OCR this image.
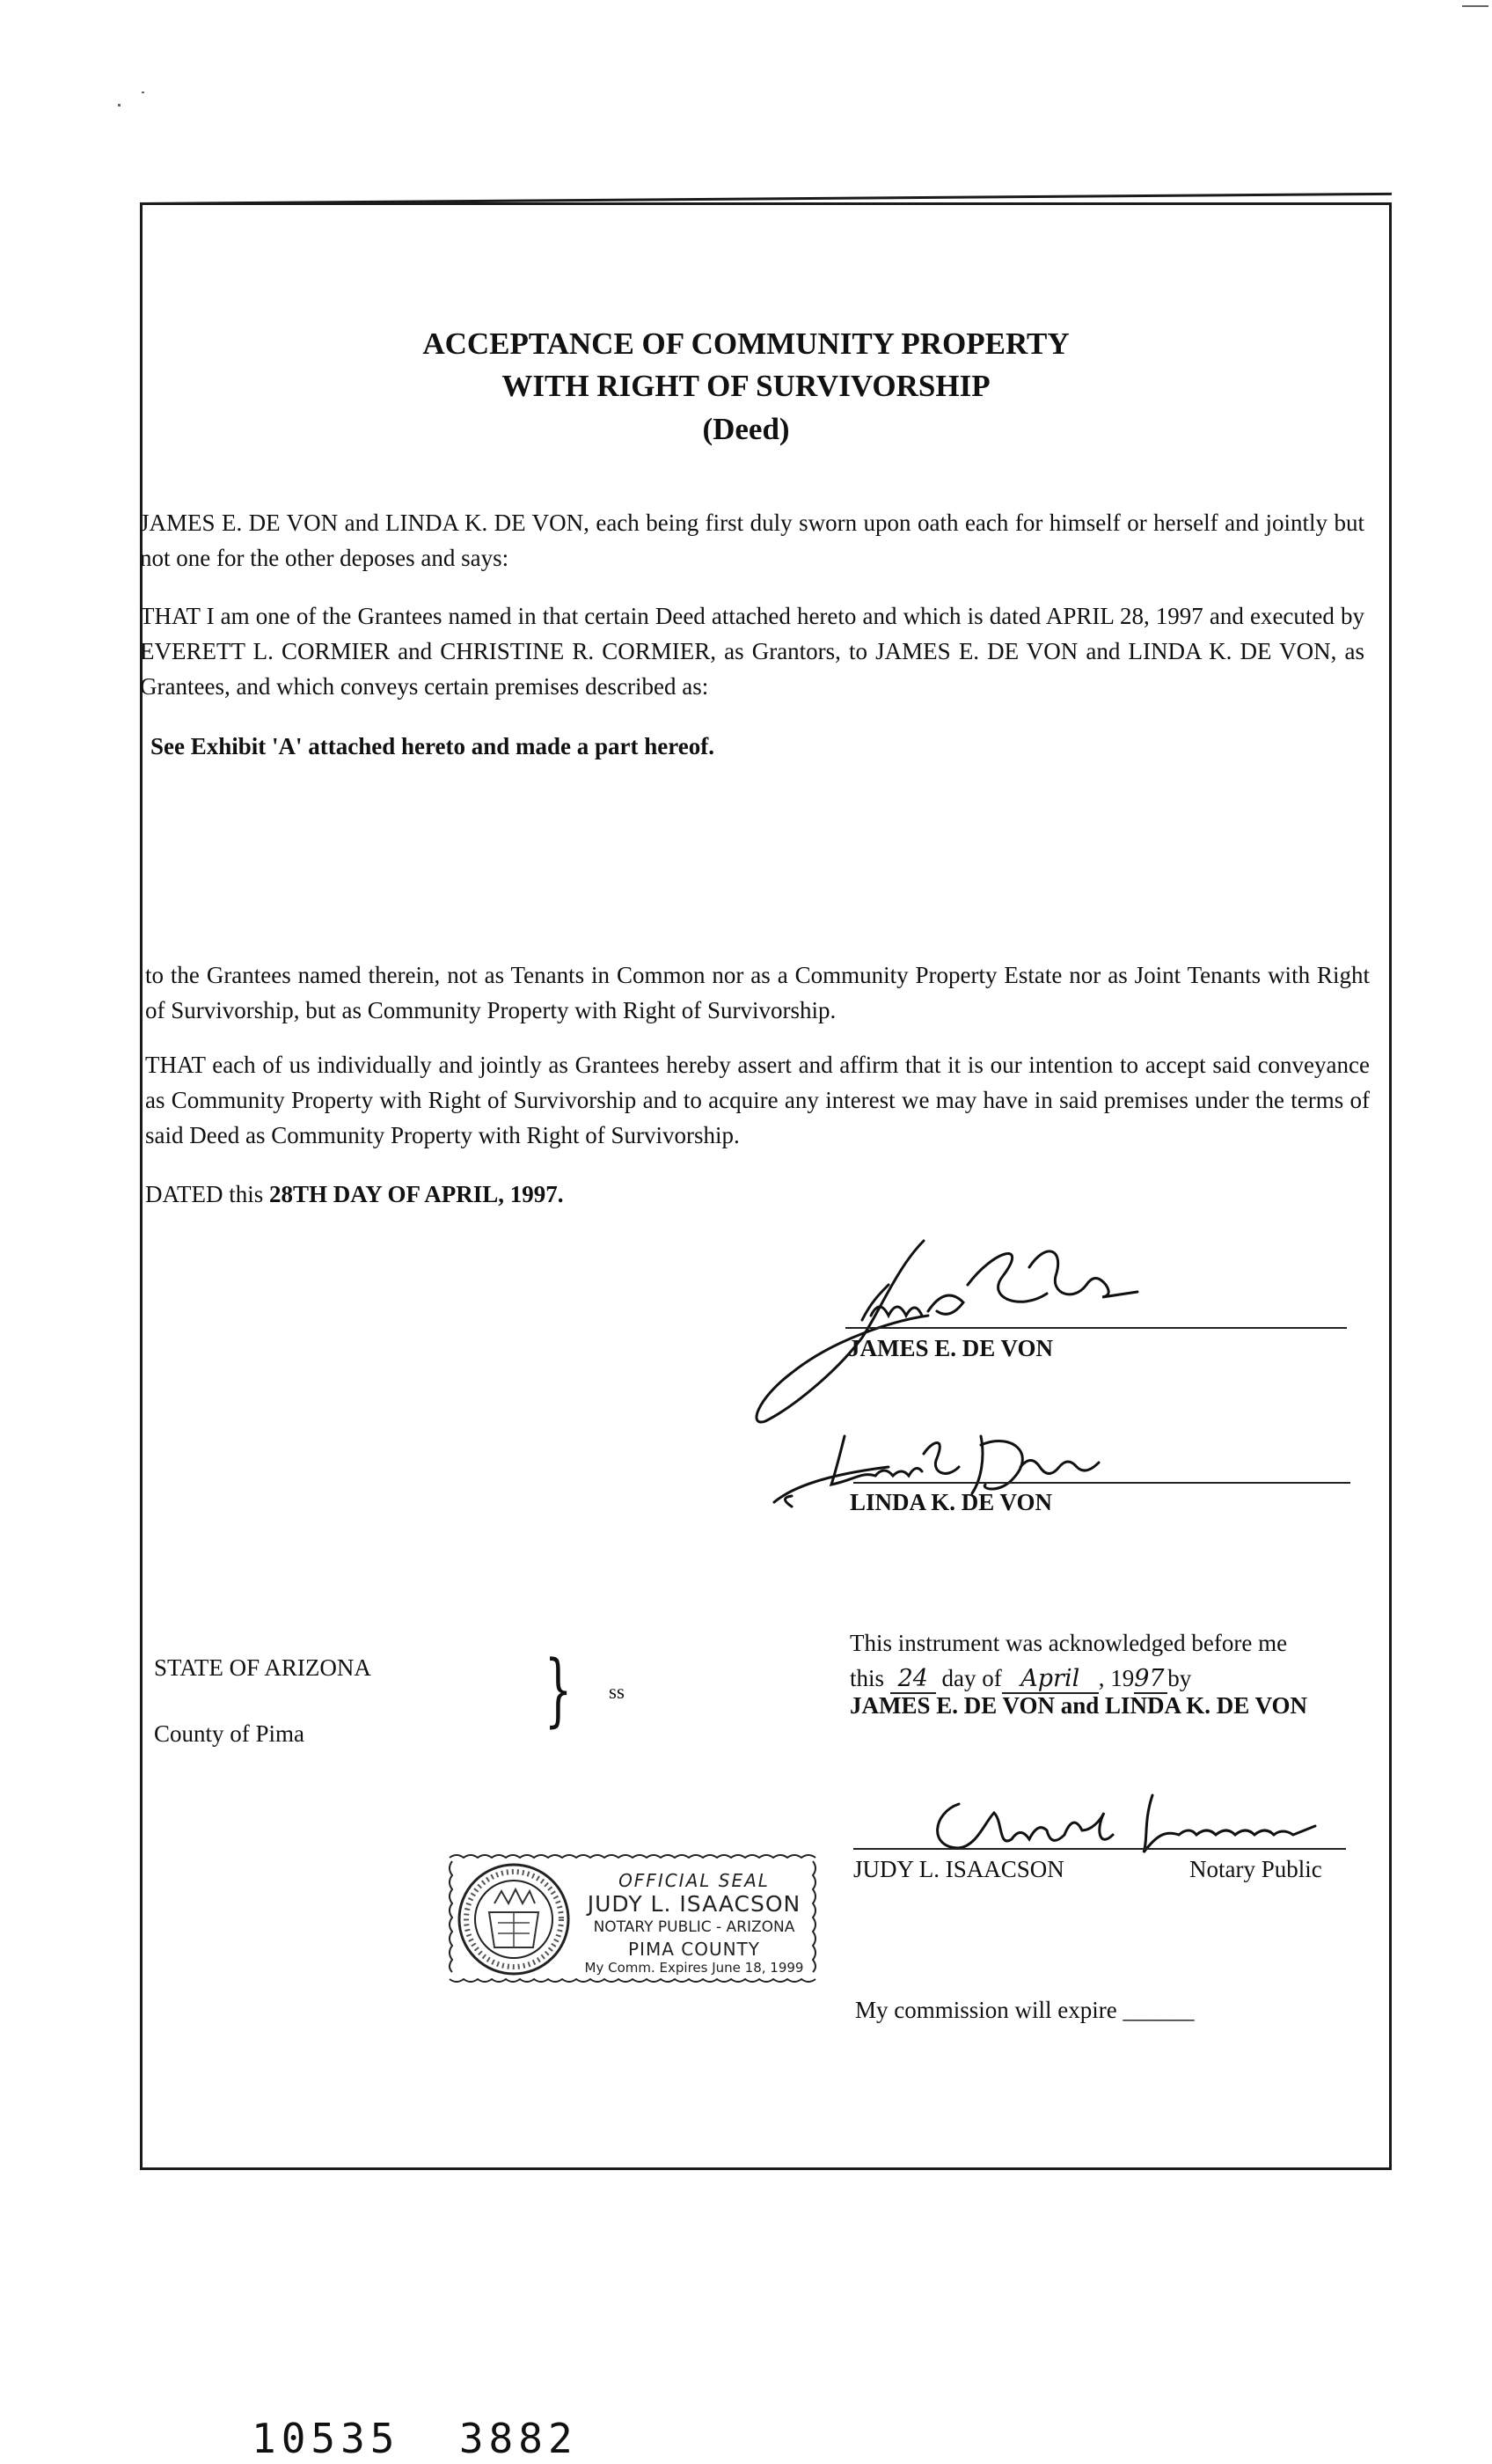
ACCEPTANCE OF COMMUNITY PROPERTY
WITH RIGHT OF SURVIVORSHIP
(Deed)
JAMES E. DE VON and LINDA K. DE VON, each being first duly sworn upon oath each for himself or herself and jointly but not one for the other deposes and says:
THAT I am one of the Grantees named in that certain Deed attached hereto and which is dated APRIL 28, 1997 and executed by EVERETT L. CORMIER and CHRISTINE R. CORMIER, as Grantors, to JAMES E. DE VON and LINDA K. DE VON, as Grantees, and which conveys certain premises described as:
See Exhibit 'A' attached hereto and made a part hereof.
to the Grantees named therein, not as Tenants in Common nor as a Community Property Estate nor as Joint Tenants with Right of Survivorship, but as Community Property with Right of Survivorship.
THAT each of us individually and jointly as Grantees hereby assert and affirm that it is our intention to accept said conveyance as Community Property with Right of Survivorship and to acquire any interest we may have in said premises under the terms of said Deed as Community Property with Right of Survivorship.
DATED this 28TH DAY OF APRIL, 1997.
JAMES E. DE VON
LINDA K. DE VON
STATE OF ARIZONA
County of Pima	} ss
This instrument was acknowledged before me
this 24 day of April , 1997 by
JAMES E. DE VON and LINDA K. DE VON
JUDY L. ISAACSON	Notary Public
My commission will expire ______
OFFICIAL SEAL
JUDY L. ISAACSON
NOTARY PUBLIC - ARIZONA
PIMA COUNTY
My Comm. Expires June 18, 1999
10535  3882
